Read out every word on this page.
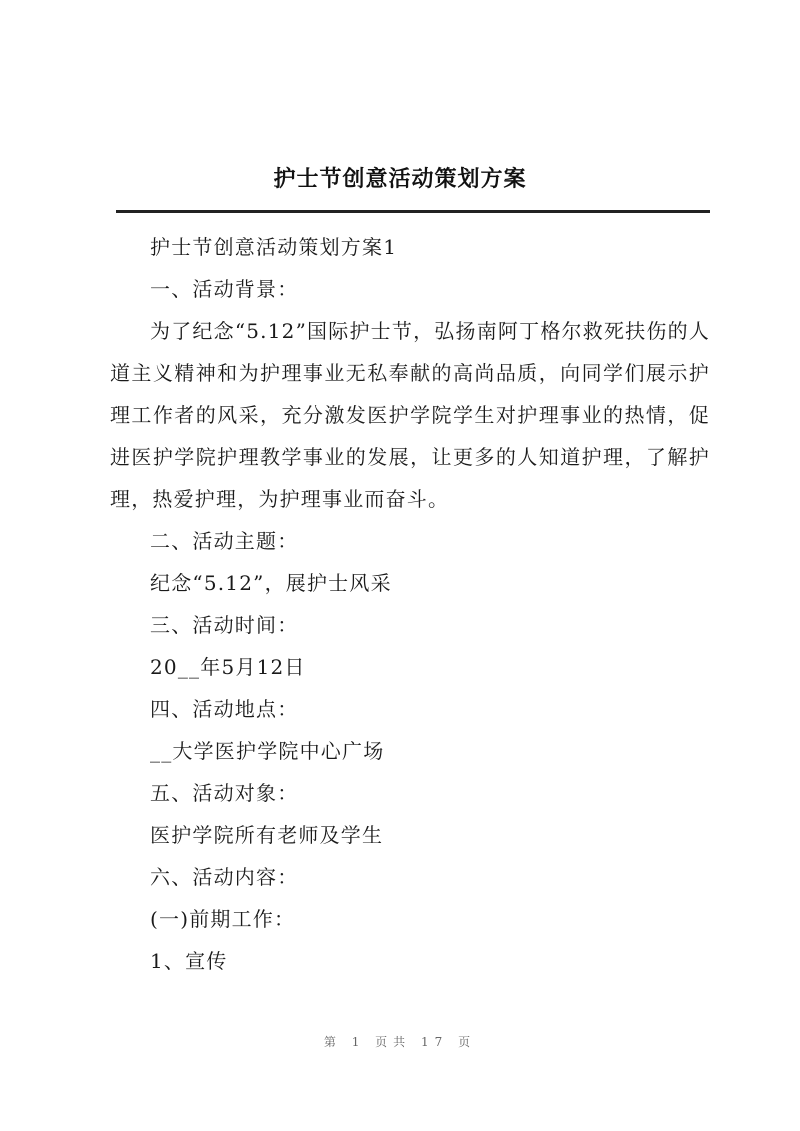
护士节创意活动策划方案

护士节创意活动策划方案1

一、活动背景：

为了纪念“5.12”国际护士节，弘扬南阿丁格尔救死扶伤的人道主义精神和为护理事业无私奉献的高尚品质，向同学们展示护理工作者的风采，充分激发医护学院学生对护理事业的热情，促进医护学院护理教学事业的发展，让更多的人知道护理，了解护理，热爱护理，为护理事业而奋斗。

二、活动主题：

纪念“5.12”，展护士风采

三、活动时间：

20__年5月12日

四、活动地点：

__大学医护学院中心广场

五、活动对象：

医护学院所有老师及学生

六、活动内容：

(一)前期工作：

1、宣传

第 1 页共 17 页
